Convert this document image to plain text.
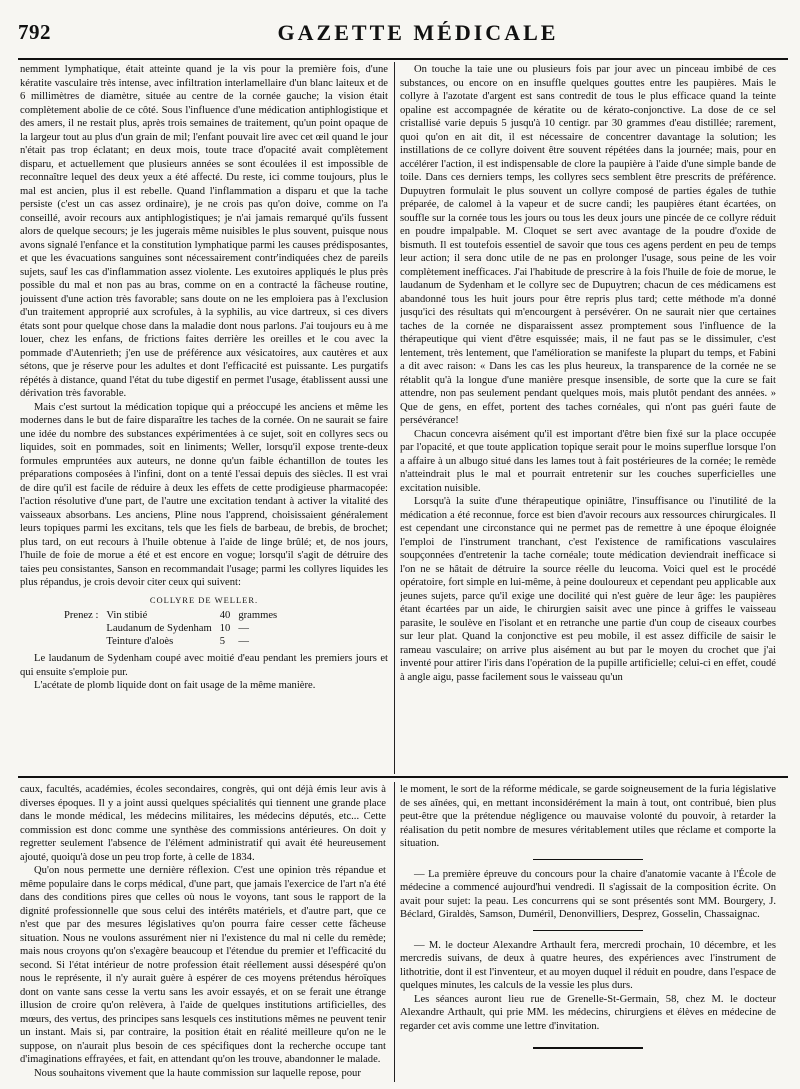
792	GAZETTE MÉDICALE

nemment lymphatique, était atteinte quand je la vis pour la première fois, d'une kératite vasculaire très intense, avec infiltration interlamellaire d'un blanc laiteux et de 6 millimètres de diamètre, située au centre de la cornée gauche; la vision était complètement abolie de ce côté. Sous l'influence d'une médication antiphlogistique et des amers, il ne restait plus, après trois semaines de traitement, qu'un point opaque de la largeur tout au plus d'un grain de mil; l'enfant pouvait lire avec cet œil quand le jour n'était pas trop éclatant; en deux mois, toute trace d'opacité avait complètement disparu, et actuellement que plusieurs années se sont écoulées il est impossible de reconnaître lequel des deux yeux a été affecté. Du reste, ici comme toujours, plus le mal est ancien, plus il est rebelle. Quand l'inflammation a disparu et que la tache persiste (c'est un cas assez ordinaire), je ne crois pas qu'on doive, comme on l'a conseillé, avoir recours aux antiphlogistiques; je n'ai jamais remarqué qu'ils fussent alors de quelque secours; je les jugerais même nuisibles le plus souvent, puisque nous avons signalé l'enfance et la constitution lymphatique parmi les causes prédisposantes, et que les évacuations sanguines sont nécessairement contr'indiquées chez de pareils sujets, sauf les cas d'inflammation assez violente. Les exutoires appliqués le plus près possible du mal et non pas au bras, comme on en a contracté la fâcheuse routine, jouissent d'une action très favorable; sans doute on ne les emploiera pas à l'exclusion d'un traitement approprié aux scrofules, à la syphilis, au vice dartreux, si ces divers états sont pour quelque chose dans la maladie dont nous parlons. J'ai toujours eu à me louer, chez les enfans, de frictions faites derrière les oreilles et le cou avec la pommade d'Autenrieth; j'en use de préférence aux vésicatoires, aux cautères et aux sétons, que je réserve pour les adultes et dont l'efficacité est puissante. Les purgatifs répétés à distance, quand l'état du tube digestif en permet l'usage, établissent aussi une dérivation très favorable.

Mais c'est surtout la médication topique qui a préoccupé les anciens et même les modernes dans le but de faire disparaître les taches de la cornée. On ne saurait se faire une idée du nombre des substances expérimentées à ce sujet, soit en collyres secs ou liquides, soit en pommades, soit en liniments; Weller, lorsqu'il expose trente-deux formules empruntées aux auteurs, ne donne qu'un faible échantillon de toutes les préparations composées à l'infini, dont on a tenté l'essai depuis des siècles. Il est vrai de dire qu'il est facile de réduire à deux les effets de cette prodigieuse pharmacopée: l'action résolutive d'une part, de l'autre une excitation tendant à activer la vitalité des vaisseaux absorbans. Les anciens, Pline nous l'apprend, choisissaient généralement leurs topiques parmi les excitans, tels que les fiels de barbeau, de brebis, de brochet; plus tard, on eut recours à l'huile obtenue à l'aide de linge brûlé; et, de nos jours, l'huile de foie de morue a été et est encore en vogue; lorsqu'il s'agit de détruire des taies peu consistantes, Sanson en recommandait l'usage; parmi les collyres liquides les plus répandus, je crois devoir citer ceux qui suivent:

COLLYRE DE WELLER.
Prenez :	Vin stibié	40	grammes
	Laudanum de Sydenham	10	—
	Teinture d'aloès	5	—

Le laudanum de Sydenham coupé avec moitié d'eau pendant les premiers jours et qui ensuite s'emploie pur.

L'acétate de plomb liquide dont on fait usage de la même manière.

On touche la taie une ou plusieurs fois par jour avec un pinceau imbibé de ces substances, ou encore on en insuffle quelques gouttes entre les paupières. Mais le collyre à l'azotate d'argent est sans contredit de tous le plus efficace quand la teinte opaline est accompagnée de kératite ou de kérato-conjonctive. La dose de ce sel cristallisé varie depuis 5 jusqu'à 10 centigr. par 30 grammes d'eau distillée; rarement, quoi qu'on en ait dit, il est nécessaire de concentrer davantage la solution; les instillations de ce collyre doivent être souvent répétées dans la journée; mais, pour en accélérer l'action, il est indispensable de clore la paupière à l'aide d'une simple bande de toile. Dans ces derniers temps, les collyres secs semblent être prescrits de préférence. Dupuytren formulait le plus souvent un collyre composé de parties égales de tuthie préparée, de calomel à la vapeur et de sucre candi; les paupières étant écartées, on souffle sur la cornée tous les jours ou tous les deux jours une pincée de ce collyre réduit en poudre impalpable. M. Cloquet se sert avec avantage de la poudre d'oxide de bismuth. Il est toutefois essentiel de savoir que tous ces agens perdent en peu de temps leur action; il sera donc utile de ne pas en prolonger l'usage, sous peine de les voir complètement inefficaces. J'ai l'habitude de prescrire à la fois l'huile de foie de morue, le laudanum de Sydenham et le collyre sec de Dupuytren; chacun de ces médicamens est abandonné tous les huit jours pour être repris plus tard; cette méthode m'a donné jusqu'ici des résultats qui m'encourgent à persévérer. On ne saurait nier que certaines taches de la cornée ne disparaissent assez promptement sous l'influence de la thérapeutique qui vient d'être esquissée; mais, il ne faut pas se le dissimuler, c'est lentement, très lentement, que l'amélioration se manifeste la plupart du temps, et Fabini a dit avec raison: « Dans les cas les plus heureux, la transparence de la cornée ne se rétablit qu'à la longue d'une manière presque insensible, de sorte que la cure se fait attendre, non pas seulement pendant quelques mois, mais plutôt pendant des années. » Que de gens, en effet, portent des taches cornéales, qui n'ont pas guéri faute de persévérance!

Chacun concevra aisément qu'il est important d'être bien fixé sur la place occupée par l'opacité, et que toute application topique serait pour le moins superflue lorsque l'on a affaire à un albugo situé dans les lames tout à fait postérieures de la cornée; le remède n'atteindrait plus le mal et pourrait entretenir sur les couches superficielles une excitation nuisible.

Lorsqu'à la suite d'une thérapeutique opiniâtre, l'insuffisance ou l'inutilité de la médication a été reconnue, force est bien d'avoir recours aux ressources chirurgicales. Il est cependant une circonstance qui ne permet pas de remettre à une époque éloignée l'emploi de l'instrument tranchant, c'est l'existence de ramifications vasculaires soupçonnées d'entretenir la tache cornéale; toute médication deviendrait inefficace si l'on ne se hâtait de détruire la source réelle du leucoma. Voici quel est le procédé opératoire, fort simple en lui-même, à peine douloureux et cependant peu applicable aux jeunes sujets, parce qu'il exige une docilité qui n'est guère de leur âge: les paupières étant écartées par un aide, le chirurgien saisit avec une pince à griffes le vaisseau parasite, le soulève en l'isolant et en retranche une partie d'un coup de ciseaux courbes sur leur plat. Quand la conjonctive est peu mobile, il est assez difficile de saisir le rameau vasculaire; on arrive plus aisément au but par le moyen du crochet que j'ai inventé pour attirer l'iris dans l'opération de la pupille artificielle; celui-ci en effet, coudé à angle aigu, passe facilement sous le vaisseau qu'un

caux, facultés, académies, écoles secondaires, congrès, qui ont déjà émis leur avis à diverses époques. Il y a joint aussi quelques spécialités qui tiennent une grande place dans le monde médical, les médecins militaires, les médecins députés, etc... Cette commission est donc comme une synthèse des commissions antérieures. On doit y regretter seulement l'absence de l'élément administratif qui avait été heureusement ajouté, quoiqu'à dose un peu trop forte, à celle de 1834.

Qu'on nous permette une dernière réflexion. C'est une opinion très répandue et même populaire dans le corps médical, d'une part, que jamais l'exercice de l'art n'a été dans des conditions pires que celles où nous le voyons, tant sous le rapport de la dignité professionnelle que sous celui des intérêts matériels, et d'autre part, que ce n'est que par des mesures législatives qu'on pourra faire cesser cette fâcheuse situation. Nous ne voulons assurément nier ni l'existence du mal ni celle du remède; mais nous croyons qu'on s'exagère beaucoup et l'étendue du premier et l'efficacité du second. Si l'état intérieur de notre profession était réellement aussi désespéré qu'on nous le représente, il n'y aurait guère à espérer de ces moyens prétendus héroïques dont on vante sans cesse la vertu sans les avoir essayés, et on se ferait une étrange illusion de croire qu'on relèvera, à l'aide de quelques institutions artificielles, des mœurs, des vertus, des principes sans lesquels ces institutions mêmes ne peuvent tenir un instant. Mais si, par contraire, la position était en réalité meilleure qu'on ne le suppose, on n'aurait plus besoin de ces spécifiques dont la recherche occupe tant d'imaginations effrayées, et fait, en attendant qu'on les trouve, abandonner le malade.

Nous souhaitons vivement que la haute commission sur laquelle repose, pour

le moment, le sort de la réforme médicale, se garde soigneusement de la furia législative de ses aînées, qui, en mettant inconsidérément la main à tout, ont contribué, bien plus peut-être que la prétendue négligence ou mauvaise volonté du pouvoir, à retarder la réalisation du petit nombre de mesures véritablement utiles que réclame et comporte la situation.

— La première épreuve du concours pour la chaire d'anatomie vacante à l'École de médecine a commencé aujourd'hui vendredi. Il s'agissait de la composition écrite. On avait pour sujet: la peau. Les concurrens qui se sont présentés sont MM. Bourgery, J. Béclard, Giraldès, Samson, Duméril, Denonvilliers, Desprez, Gosselin, Chassaignac.

— M. le docteur Alexandre Arthault fera, mercredi prochain, 10 décembre, et les mercredis suivans, de deux à quatre heures, des expériences avec l'instrument de lithotritie, dont il est l'inventeur, et au moyen duquel il réduit en poudre, dans l'espace de quelques minutes, les calculs de la vessie les plus durs.

Les séances auront lieu rue de Grenelle-St-Germain, 58, chez M. le docteur Alexandre Arthault, qui prie MM. les médecins, chirurgiens et élèves en médecine de regarder cet avis comme une lettre d'invitation.
